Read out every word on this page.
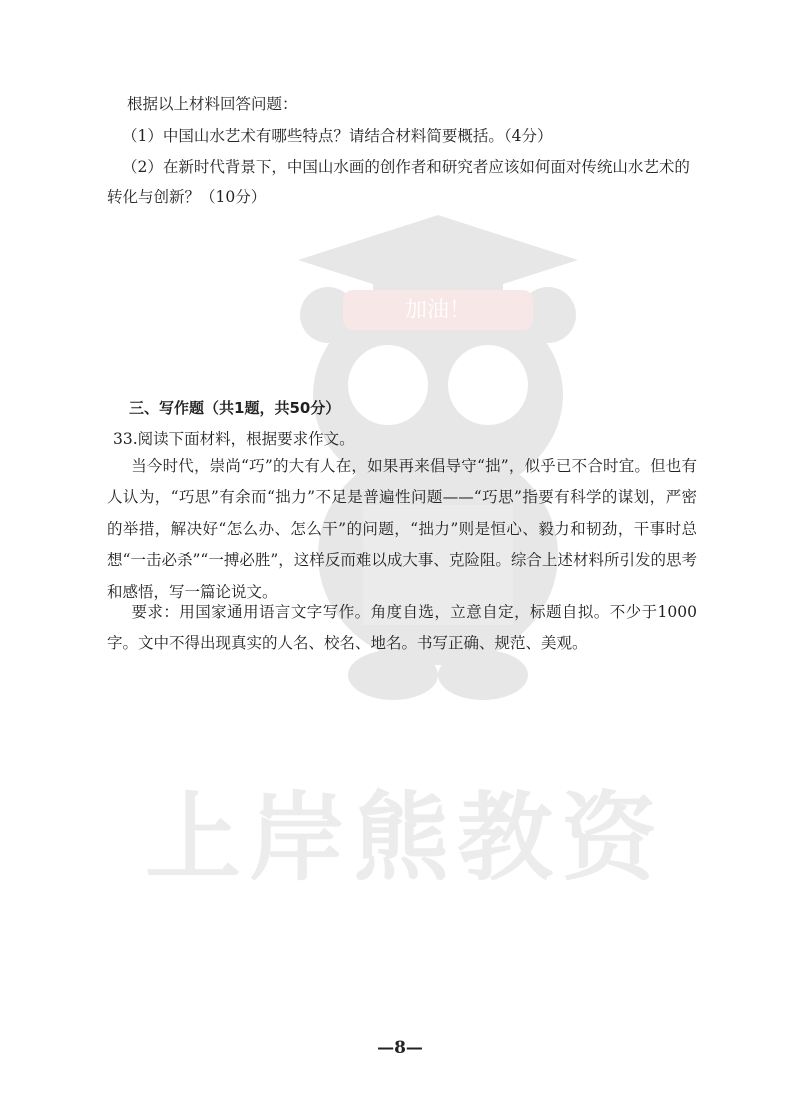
加油！
上岸熊教资
根据以上材料回答问题：
（1）中国山水艺术有哪些特点？请结合材料简要概括。（4分）
（2）在新时代背景下，中国山水画的创作者和研究者应该如何面对传统山水艺术的
转化与创新？（10分）
三、写作题（共1题，共50分）
33.阅读下面材料，根据要求作文。
当今时代，崇尚“巧”的大有人在，如果再来倡导守“拙”，似乎已不合时宜。但也有人认为，“巧思”有余而“拙力”不足是普遍性问题——“巧思”指要有科学的谋划，严密的举措，解决好“怎么办、怎么干”的问题，“拙力”则是恒心、毅力和韧劲，干事时总想“一击必杀”“一搏必胜”，这样反而难以成大事、克险阻。综合上述材料所引发的思考和感悟，写一篇论说文。
要求：用国家通用语言文字写作。角度自选，立意自定，标题自拟。不少于1000字。文中不得出现真实的人名、校名、地名。书写正确、规范、美观。
—8—
